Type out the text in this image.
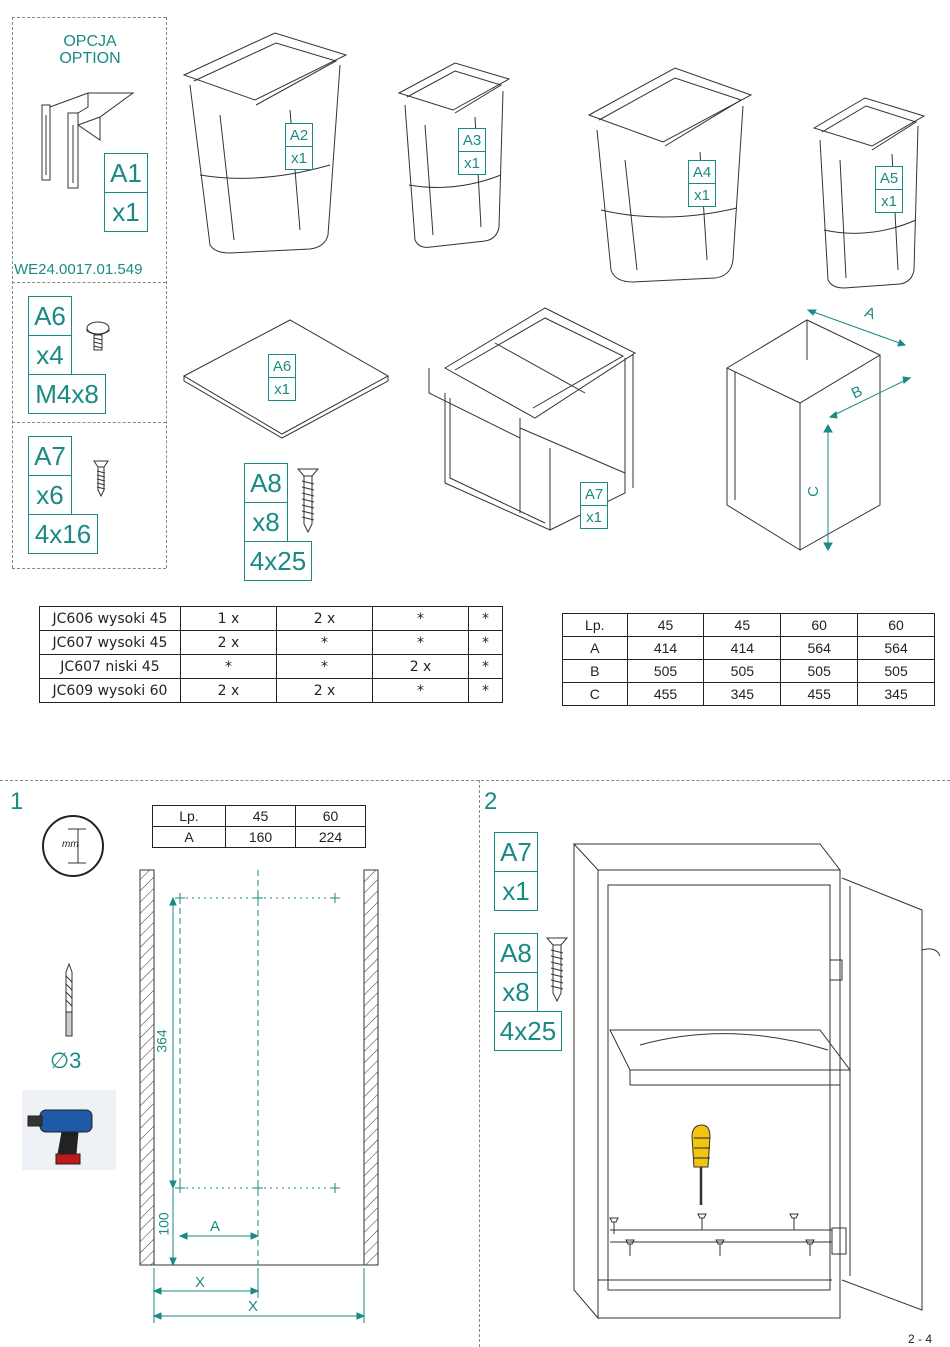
OPCJA
OPTION
A1
x1
WE24.0017.01.549
A6
x4
M4x8
A7
x6
4x16
A8
x8
4x25
A2
x1
A3
x1
A4
x1
A5
x1
A6
x1
A7
x1
A
B
C
JC606 wysoki 45	1 x	2 x	*	*
JC607 wysoki 45	2 x	*	*	*
JC607 niski 45	*	*	2 x	*
JC609 wysoki 60	2 x	2 x	*	*
Lp.	45	45	60	60
A	414	414	564	564
B	505	505	505	505
C	455	345	455	345
1
mm
∅3
Lp.	45	60
A	160	224
364
100	A
X
X
2
A7
x1
A8
x8
4x25
2 - 4
